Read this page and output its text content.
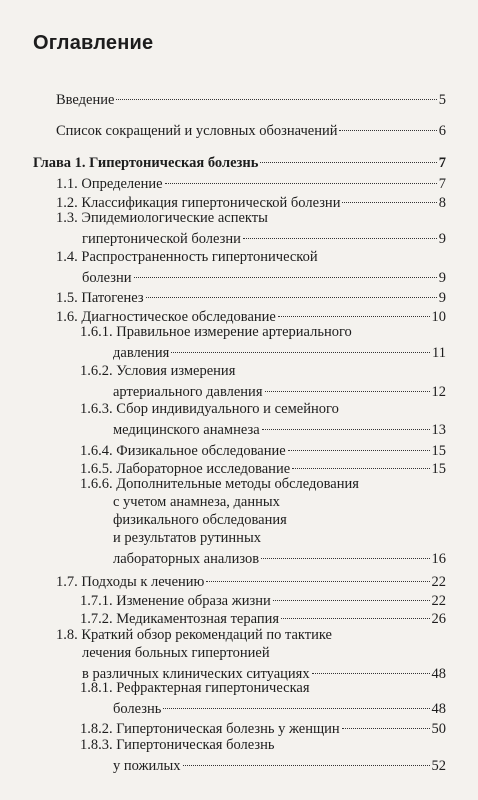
Оглавление
Введение	5
Список сокращений и условных обозначений	6
Глава 1. Гипертоническая болезнь	7
1.1. Определение	7
1.2. Классификация гипертонической болезни	8
1.3. Эпидемиологические аспекты
гипертонической болезни	9
1.4. Распространенность гипертонической
болезни	9
1.5. Патогенез	9
1.6. Диагностическое обследование	10
1.6.1. Правильное измерение артериального
давления	11
1.6.2. Условия измерения
артериального давления	12
1.6.3. Сбор индивидуального и семейного
медицинского анамнеза	13
1.6.4. Физикальное обследование	15
1.6.5. Лабораторное исследование	15
1.6.6. Дополнительные методы обследования
с учетом анамнеза, данных
физикального обследования
и результатов рутинных
лабораторных анализов	16
1.7. Подходы к лечению	22
1.7.1. Изменение образа жизни	22
1.7.2. Медикаментозная терапия	26
1.8. Краткий обзор рекомендаций по тактике
лечения больных гипертонией
в различных клинических ситуациях	48
1.8.1. Рефрактерная гипертоническая
болезнь	48
1.8.2. Гипертоническая болезнь у женщин	50
1.8.3. Гипертоническая болезнь
у пожилых	52
